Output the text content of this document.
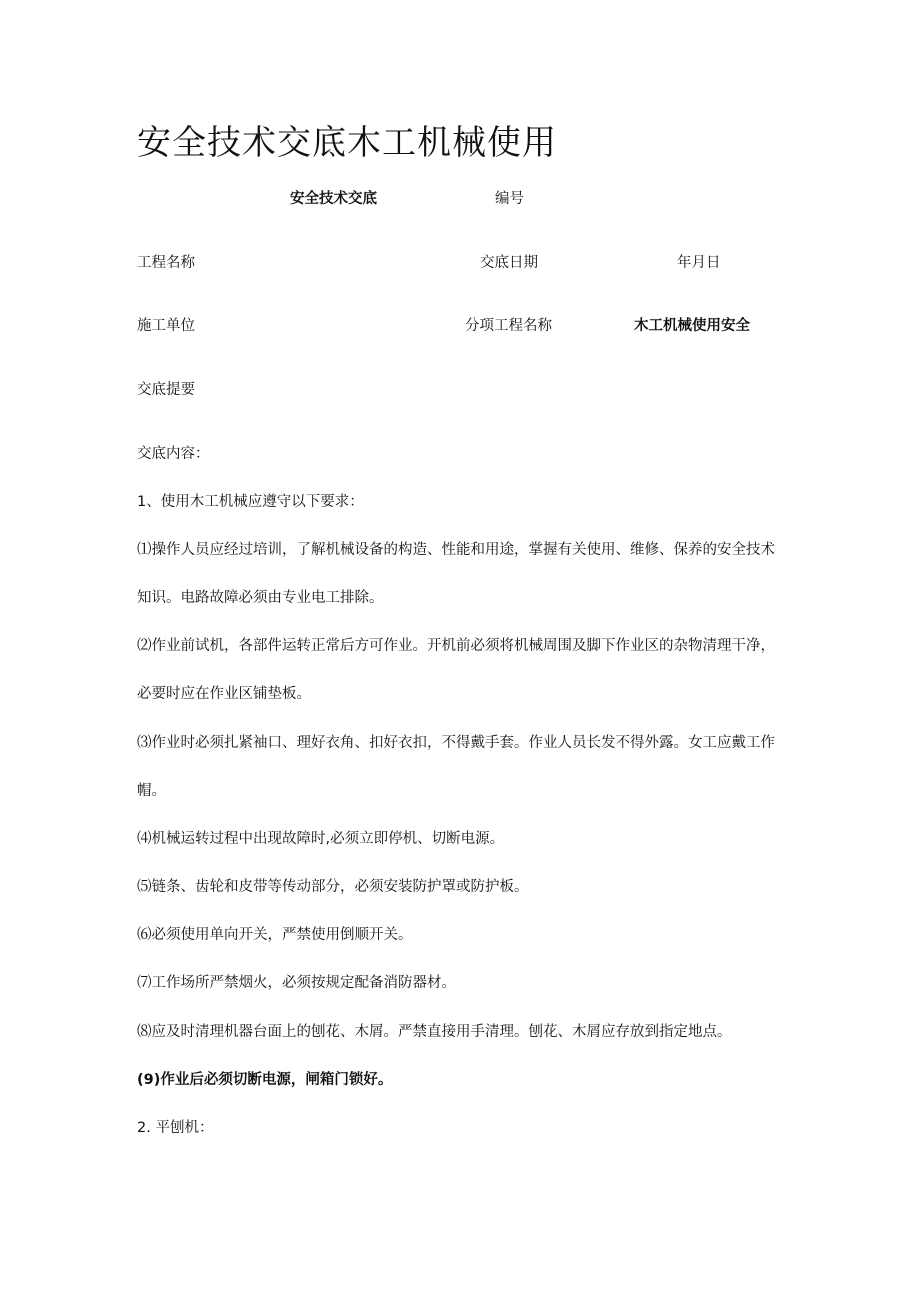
安全技术交底木工机械使用
安全技术交底	编号
工程名称	交底日期	年月日
施工单位	分项工程名称	木工机械使用安全
交底提要
交底内容：
1、使用木工机械应遵守以下要求：
⑴操作人员应经过培训，了解机械设备的构造、性能和用途，掌握有关使用、维修、保养的安全技术
知识。电路故障必须由专业电工排除。
⑵作业前试机，各部件运转正常后方可作业。开机前必须将机械周围及脚下作业区的杂物清理干净，
必要时应在作业区铺垫板。
⑶作业时必须扎紧袖口、理好衣角、扣好衣扣，不得戴手套。作业人员长发不得外露。女工应戴工作
帽。
⑷机械运转过程中出现故障时,必须立即停机、切断电源。
⑸链条、齿轮和皮带等传动部分，必须安装防护罩或防护板。
⑹必须使用单向开关，严禁使用倒顺开关。
⑺工作场所严禁烟火，必须按规定配备消防器材。
⑻应及时清理机器台面上的刨花、木屑。严禁直接用手清理。刨花、木屑应存放到指定地点。
(9)作业后必须切断电源，闸箱门锁好。
2. 平刨机：
